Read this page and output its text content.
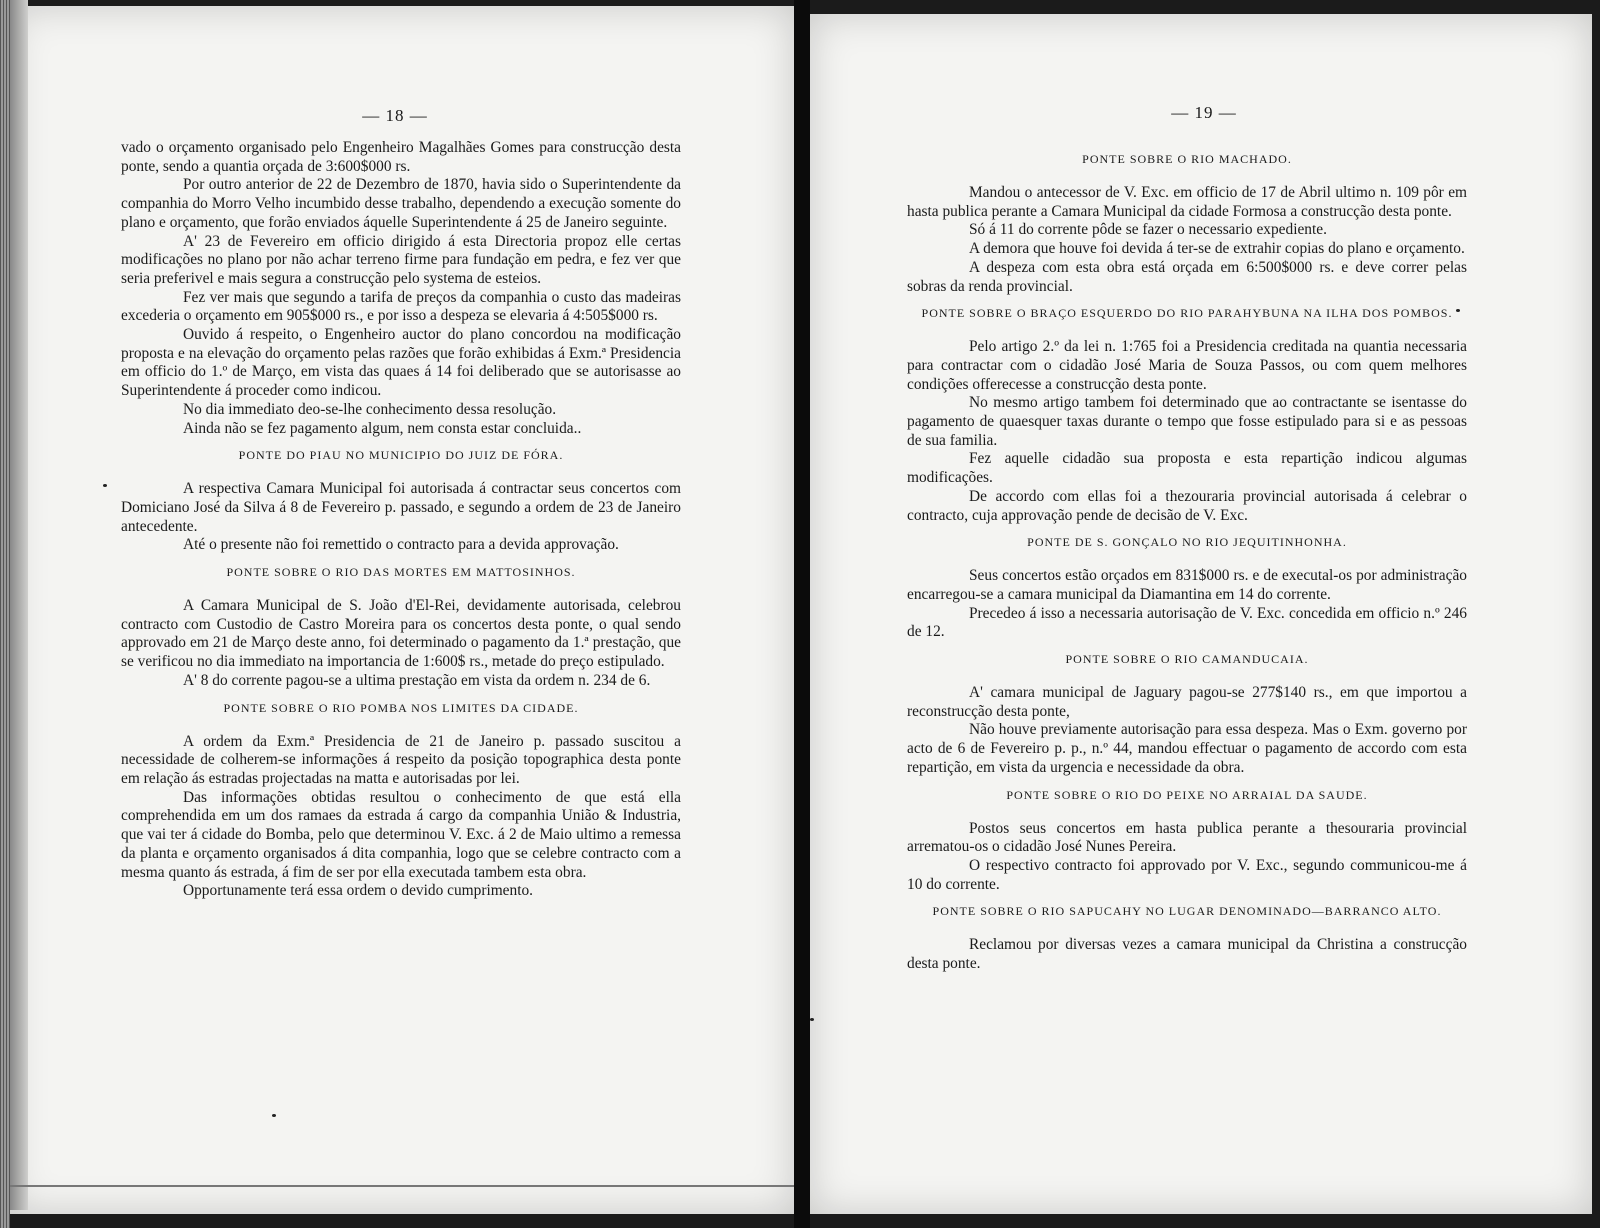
— 18 —

vado o orçamento organisado pelo Engenheiro Magalhães Gomes para construcção desta ponte, sendo a quantia orçada de 3:600$000 rs.

Por outro anterior de 22 de Dezembro de 1870, havia sido o Superintendente da companhia do Morro Velho incumbido desse trabalho, dependendo a execução somente do plano e orçamento, que forão enviados áquelle Superintendente á 25 de Janeiro seguinte.

A' 23 de Fevereiro em officio dirigido á esta Directoria propoz elle certas modificações no plano por não achar terreno firme para fundação em pedra, e fez ver que seria preferivel e mais segura a construcção pelo systema de esteios.

Fez ver mais que segundo a tarifa de preços da companhia o custo das madeiras excederia o orçamento em 905$000 rs., e por isso a despeza se elevaria á 4:505$000 rs.

Ouvido á respeito, o Engenheiro auctor do plano concordou na modificação proposta e na elevação do orçamento pelas razões que forão exhibidas á Exm.ª Presidencia em officio do 1.º de Março, em vista das quaes á 14 foi deliberado que se autorisasse ao Superintendente á proceder como indicou.

No dia immediato deo-se-lhe conhecimento dessa resolução.

Ainda não se fez pagamento algum, nem consta estar concluida..

PONTE DO PIAU NO MUNICIPIO DO JUIZ DE FÓRA.

A respectiva Camara Municipal foi autorisada á contractar seus concertos com Domiciano José da Silva á 8 de Fevereiro p. passado, e segundo a ordem de 23 de Janeiro antecedente.

Até o presente não foi remettido o contracto para a devida approvação.

PONTE SOBRE O RIO DAS MORTES EM MATTOSINHOS.

A Camara Municipal de S. João d'El-Rei, devidamente autorisada, celebrou contracto com Custodio de Castro Moreira para os concertos desta ponte, o qual sendo approvado em 21 de Março deste anno, foi determinado o pagamento da 1.ª prestação, que se verificou no dia immediato na importancia de 1:600$ rs., metade do preço estipulado.

A' 8 do corrente pagou-se a ultima prestação em vista da ordem n. 234 de 6.

PONTE SOBRE O RIO POMBA NOS LIMITES DA CIDADE.

A ordem da Exm.ª Presidencia de 21 de Janeiro p. passado suscitou a necessidade de colherem-se informações á respeito da posição topographica desta ponte em relação ás estradas projectadas na matta e autorisadas por lei.

Das informações obtidas resultou o conhecimento de que está ella comprehendida em um dos ramaes da estrada á cargo da companhia União & Industria, que vai ter á cidade do Bomba, pelo que determinou V. Exc. á 2 de Maio ultimo a remessa da planta e orçamento organisados á dita companhia, logo que se celebre contracto com a mesma quanto ás estrada, á fim de ser por ella executada tambem esta obra.

Opportunamente terá essa ordem o devido cumprimento.

— 19 —
PONTE SOBRE O RIO MACHADO.

Mandou o antecessor de V. Exc. em officio de 17 de Abril ultimo n. 109 pôr em hasta publica perante a Camara Municipal da cidade Formosa a construcção desta ponte.

Só á 11 do corrente pôde se fazer o necessario expediente.

A demora que houve foi devida á ter-se de extrahir copias do plano e orçamento.

A despeza com esta obra está orçada em 6:500$000 rs. e deve correr pelas sobras da renda provincial.

PONTE SOBRE O BRAÇO ESQUERDO DO RIO PARAHYBUNA NA ILHA DOS POMBOS.

Pelo artigo 2.º da lei n. 1:765 foi a Presidencia creditada na quantia necessaria para contractar com o cidadão José Maria de Souza Passos, ou com quem melhores condições offerecesse a construcção desta ponte.

No mesmo artigo tambem foi determinado que ao contractante se isentasse do pagamento de quaesquer taxas durante o tempo que fosse estipulado para si e as pessoas de sua familia.

Fez aquelle cidadão sua proposta e esta repartição indicou algumas modificações.

De accordo com ellas foi a thezouraria provincial autorisada á celebrar o contracto, cuja approvação pende de decisão de V. Exc.

PONTE DE S. GONÇALO NO RIO JEQUITINHONHA.

Seus concertos estão orçados em 831$000 rs. e de executal-os por administração encarregou-se a camara municipal da Diamantina em 14 do corrente.

Precedeo á isso a necessaria autorisação de V. Exc. concedida em officio n.º 246 de 12.

PONTE SOBRE O RIO CAMANDUCAIA.

A' camara municipal de Jaguary pagou-se 277$140 rs., em que importou a reconstrucção desta ponte,

Não houve previamente autorisação para essa despeza. Mas o Exm. governo por acto de 6 de Fevereiro p. p., n.º 44, mandou effectuar o pagamento de accordo com esta repartição, em vista da urgencia e necessidade da obra.

PONTE SOBRE O RIO DO PEIXE NO ARRAIAL DA SAUDE.

Postos seus concertos em hasta publica perante a thesouraria provincial arrematou-os o cidadão José Nunes Pereira.

O respectivo contracto foi approvado por V. Exc., segundo communicou-me á 10 do corrente.

PONTE SOBRE O RIO SAPUCAHY NO LUGAR DENOMINADO—BARRANCO ALTO.

Reclamou por diversas vezes a camara municipal da Christina a construcção desta ponte.
